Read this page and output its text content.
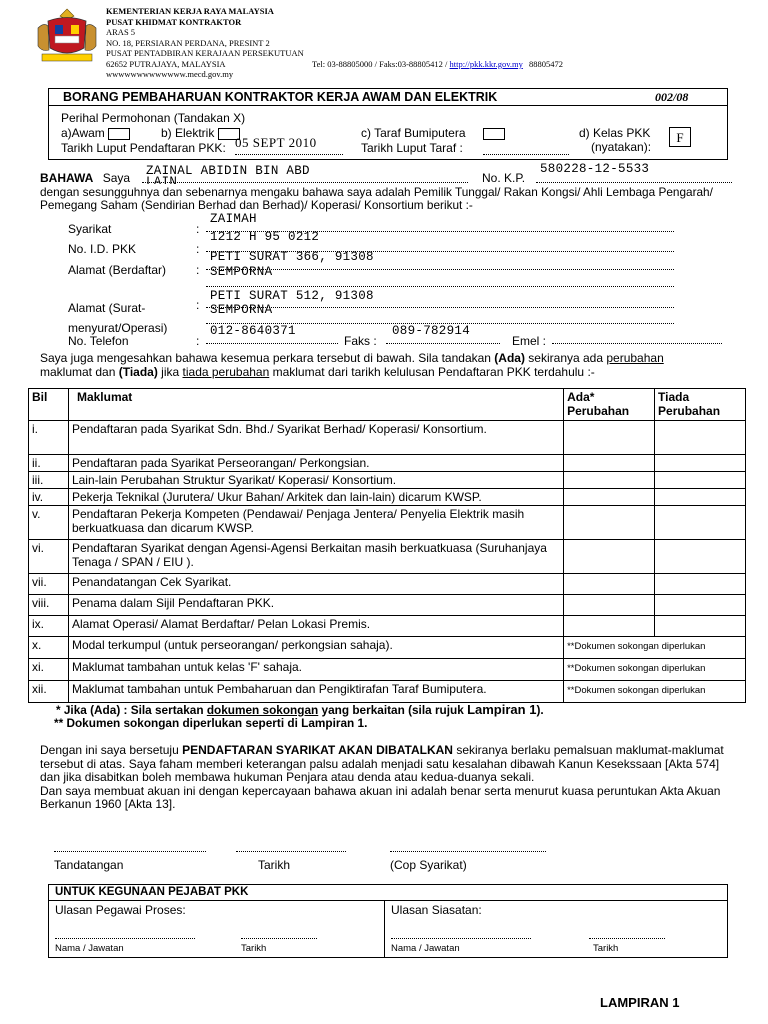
KEMENTERIAN KERJA RAYA MALAYSIA
PUSAT KHIDMAT KONTRAKTOR
ARAS 5
NO. 18, PERSIARAN PERDANA, PRESINT 2
PUSAT PENTADBIRAN KERAJAAN PERSEKUTUAN
62652 PUTRAJAYA, MALAYSIA	Tel: 03-88805000 / Faks:03-88805412 / http://pkk.kkr.gov.my 88805472
wwwwwwwwwwwww.mecd.gov.my
BORANG PEMBAHARUAN KONTRAKTOR KERJA AWAM DAN ELEKTRIK	002/08
Perihal Permohonan (Tandakan X)
a)Awam	b) Elektrik	c) Taraf Bumiputera	d) Kelas PKK
(nyatakan):
F
Tarikh Luput Pendaftaran PKK: 05 SEPT 2010	Tarikh Luput Taraf :
BAHAWA Saya ZAINAL ABIDIN BIN ABD
LAIN	No. K.P.
580228-12-5533
dengan sesungguhnya dan sebenarnya mengaku bahawa saya adalah Pemilik Tunggal/ Rakan Kongsi/ Ahli Lembaga Pengarah/ Pemegang Saham (Sendirian Berhad dan Berhad)/ Koperasi/ Konsortium berikut :-
Syarikat	:
ZAIMAH
No. I.D. PKK	:
1212 H 95 0212
Alamat (Berdaftar) :
PETI SURAT 366, 91308
SEMPORNA
Alamat (Surat-
menyurat/Operasi)
:
PETI SURAT 512, 91308
SEMPORNA
No. Telefon	:
012-8640371
Faks :
089-782914
Emel :
Saya juga mengesahkan bahawa kesemua perkara tersebut di bawah. Sila tandakan (Ada) sekiranya ada perubahan
maklumat dan (Tiada) jika tiada perubahan maklumat dari tarikh kelulusan Pendaftaran PKK terdahulu :-
Bil	Maklumat	Ada* Perubahan	Tiada Perubahan
i.	Pendaftaran pada Syarikat Sdn. Bhd./ Syarikat Berhad/ Koperasi/ Konsortium.		
ii.	Pendaftaran pada Syarikat Perseorangan/ Perkongsian.		
iii.	Lain-lain Perubahan Struktur Syarikat/ Koperasi/ Konsortium.		
iv.	Pekerja Teknikal (Jurutera/ Ukur Bahan/ Arkitek dan lain-lain) dicarum KWSP.		
v.	Pendaftaran Pekerja Kompeten (Pendawai/ Penjaga Jentera/ Penyelia Elektrik masih berkuatkuasa dan dicarum KWSP.		
vi.	Pendaftaran Syarikat dengan Agensi-Agensi Berkaitan masih berkuatkuasa (Suruhanjaya Tenaga / SPAN / EIU ).		
vii.	Penandatangan Cek Syarikat.		
viii.	Penama dalam Sijil Pendaftaran PKK.		
ix.	Alamat Operasi/ Alamat Berdaftar/ Pelan Lokasi Premis.		
x.	Modal terkumpul (untuk perseorangan/ perkongsian sahaja).	**Dokumen sokongan diperlukan	
xi.	Maklumat tambahan untuk kelas 'F' sahaja.	**Dokumen sokongan diperlukan	
xii.	Maklumat tambahan untuk Pembaharuan dan Pengiktirafan Taraf Bumiputera.	**Dokumen sokongan diperlukan	
* Jika (Ada) : Sila sertakan dokumen sokongan yang berkaitan (sila rujuk Lampiran 1).
** Dokumen sokongan diperlukan seperti di Lampiran 1.
Dengan ini saya bersetuju PENDAFTARAN SYARIKAT AKAN DIBATALKAN sekiranya berlaku pemalsuan maklumat-maklumat tersebut di atas. Saya faham memberi keterangan palsu adalah menjadi satu kesalahan dibawah Kanun Kesekssaan [Akta 574] dan jika disabitkan boleh membawa hukuman Penjara atau denda atau kedua-duanya sekali.
Dan saya membuat akuan ini dengan kepercayaan bahawa akuan ini adalah benar serta menurut kuasa peruntukan Akta Akuan Berkanun 1960 [Akta 13].
Tandatangan	Tarikh	(Cop Syarikat)
UNTUK KEGUNAAN PEJABAT PKK
Ulasan Pegawai Proses:	Ulasan Siasatan:
Nama / Jawatan	Tarikh	Nama / Jawatan	Tarikh
LAMPIRAN 1
